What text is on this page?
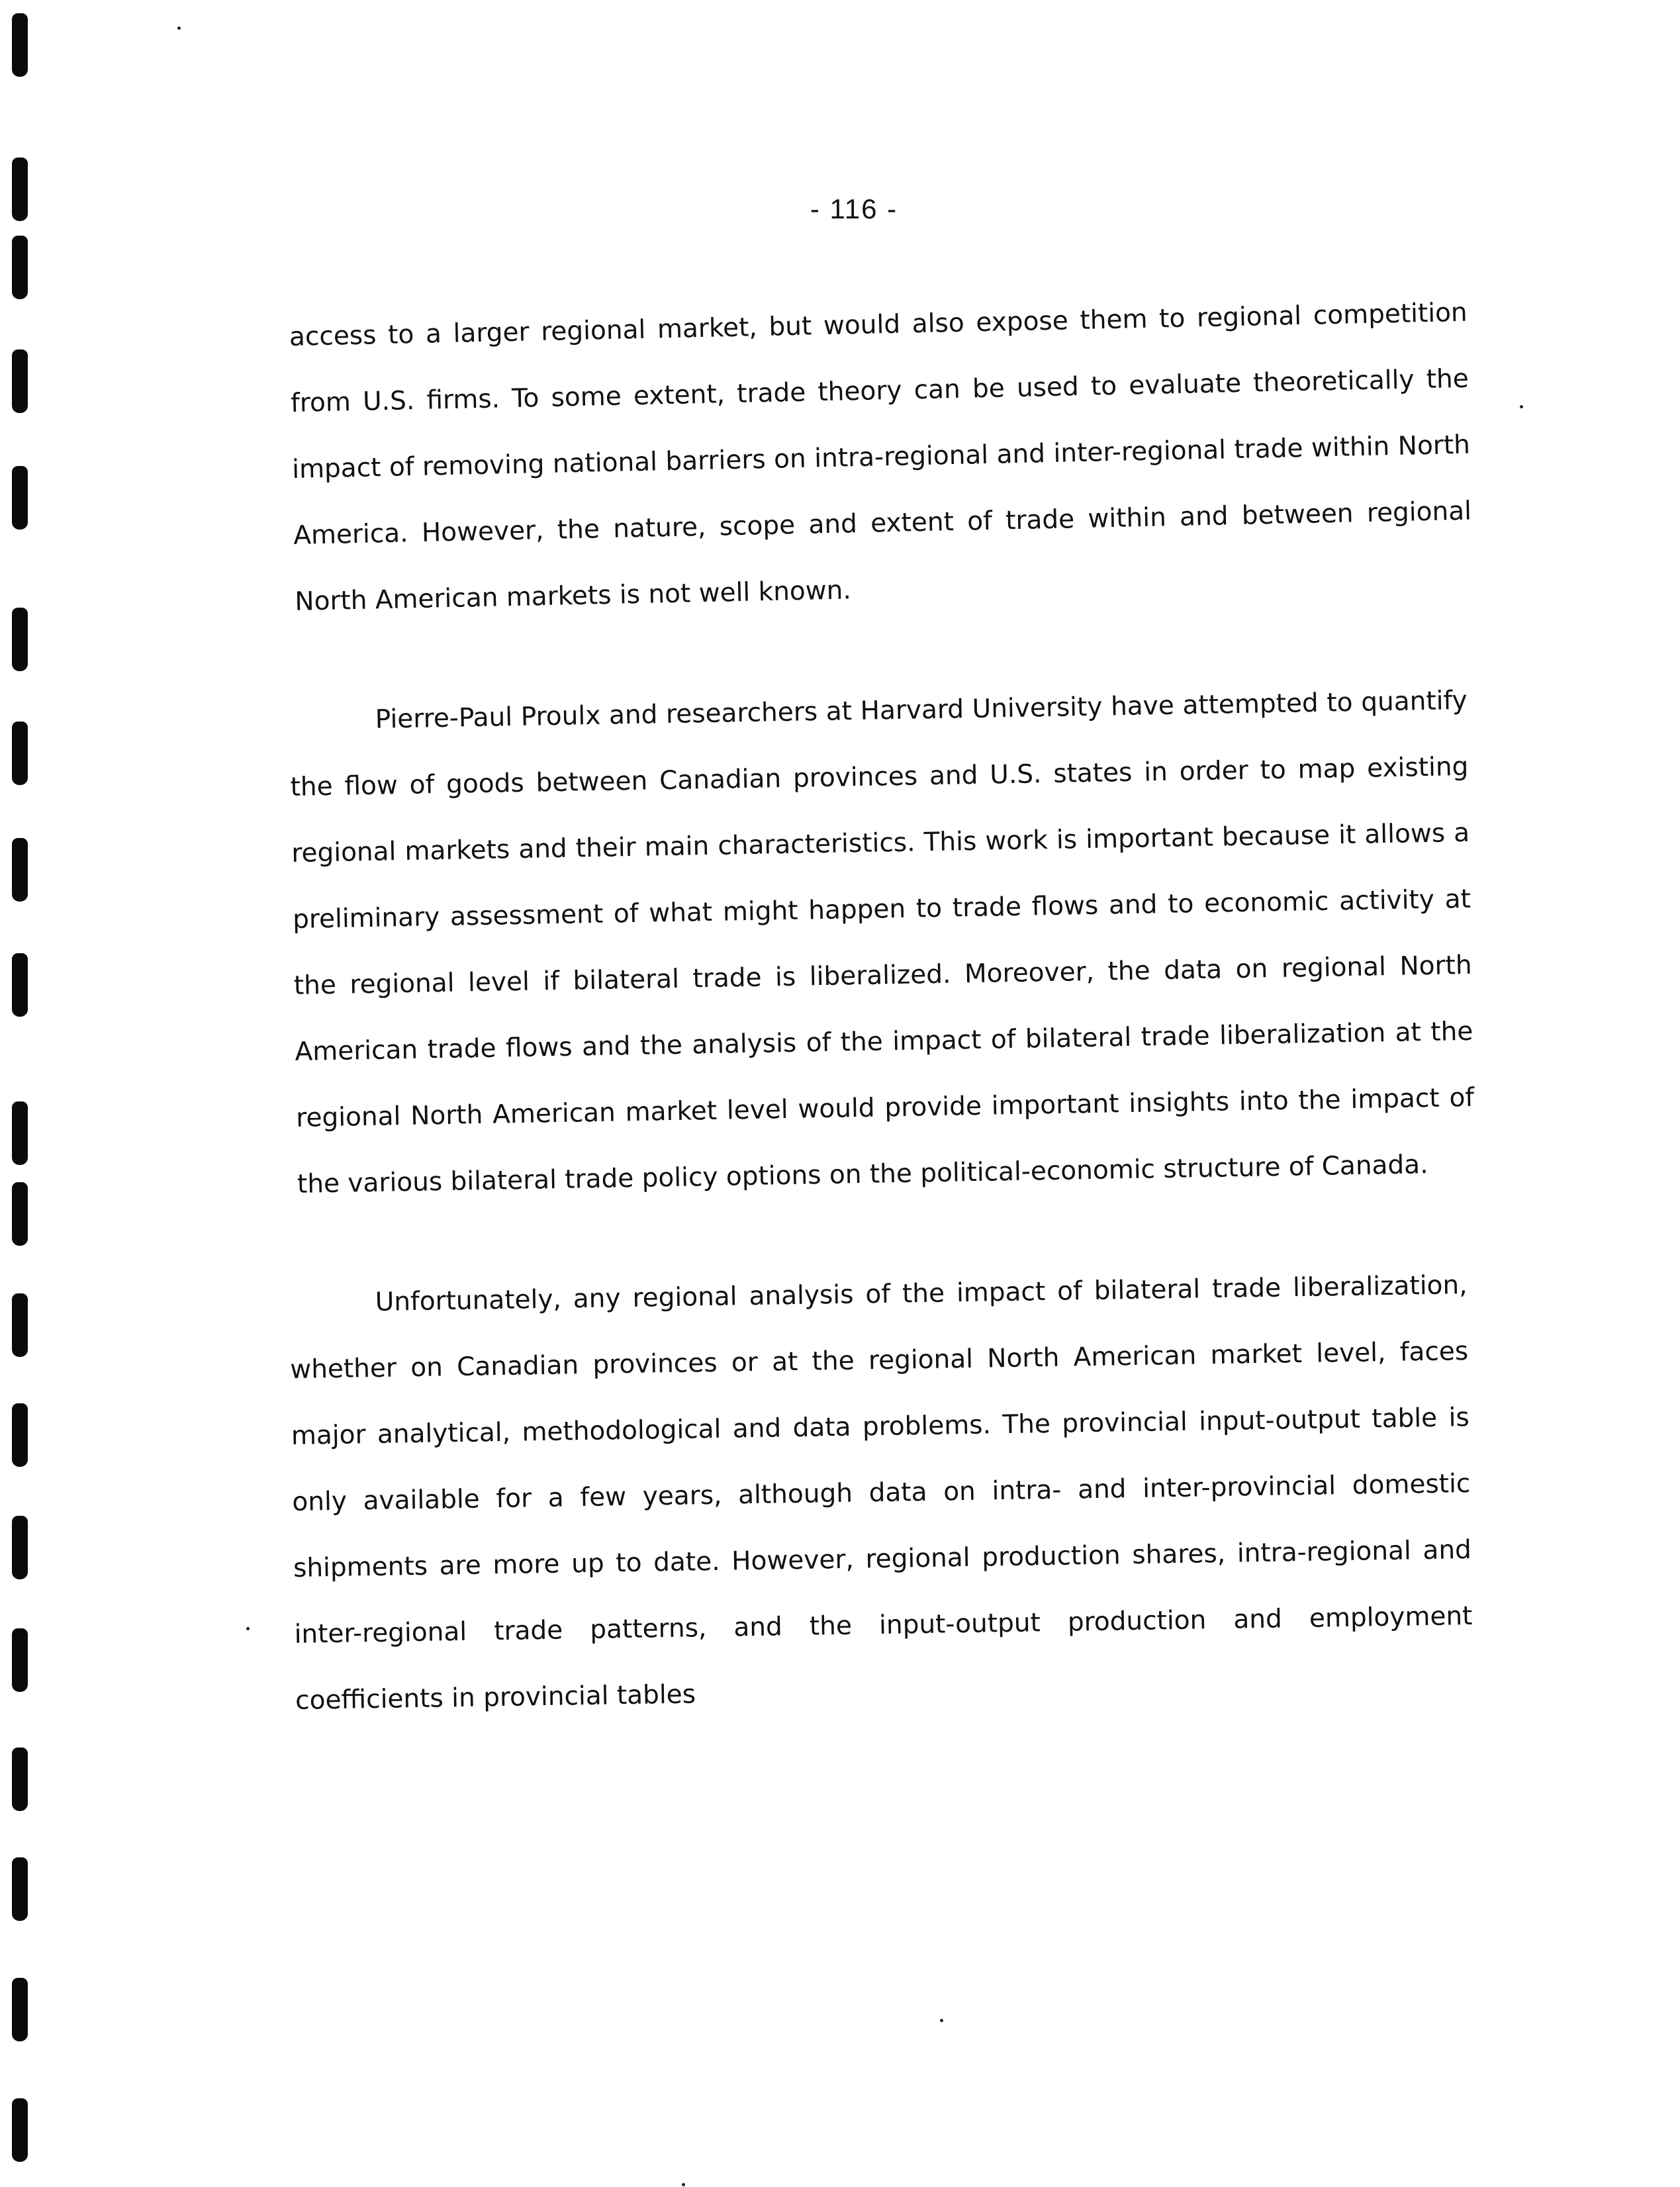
- 116 -

access to a larger regional market, but would also expose them to regional competition from U.S. firms. To some extent, trade theory can be used to evaluate theoretically the impact of removing national barriers on intra-regional and inter-regional trade within North America. However, the nature, scope and extent of trade within and between regional North American markets is not well known.

Pierre-Paul Proulx and researchers at Harvard University have attempted to quantify the flow of goods between Canadian provinces and U.S. states in order to map existing regional markets and their main characteristics. This work is important because it allows a preliminary assessment of what might happen to trade flows and to economic activity at the regional level if bilateral trade is liberalized. Moreover, the data on regional North American trade flows and the analysis of the impact of bilateral trade liberalization at the regional North American market level would provide important insights into the impact of the various bilateral trade policy options on the political-economic structure of Canada.

Unfortunately, any regional analysis of the impact of bilateral trade liberalization, whether on Canadian provinces or at the regional North American market level, faces major analytical, methodological and data problems. The provincial input-output table is only available for a few years, although data on intra- and inter-provincial domestic shipments are more up to date. However, regional production shares, intra-regional and inter-regional trade patterns, and the input-output production and employment coefficients in provincial tables
